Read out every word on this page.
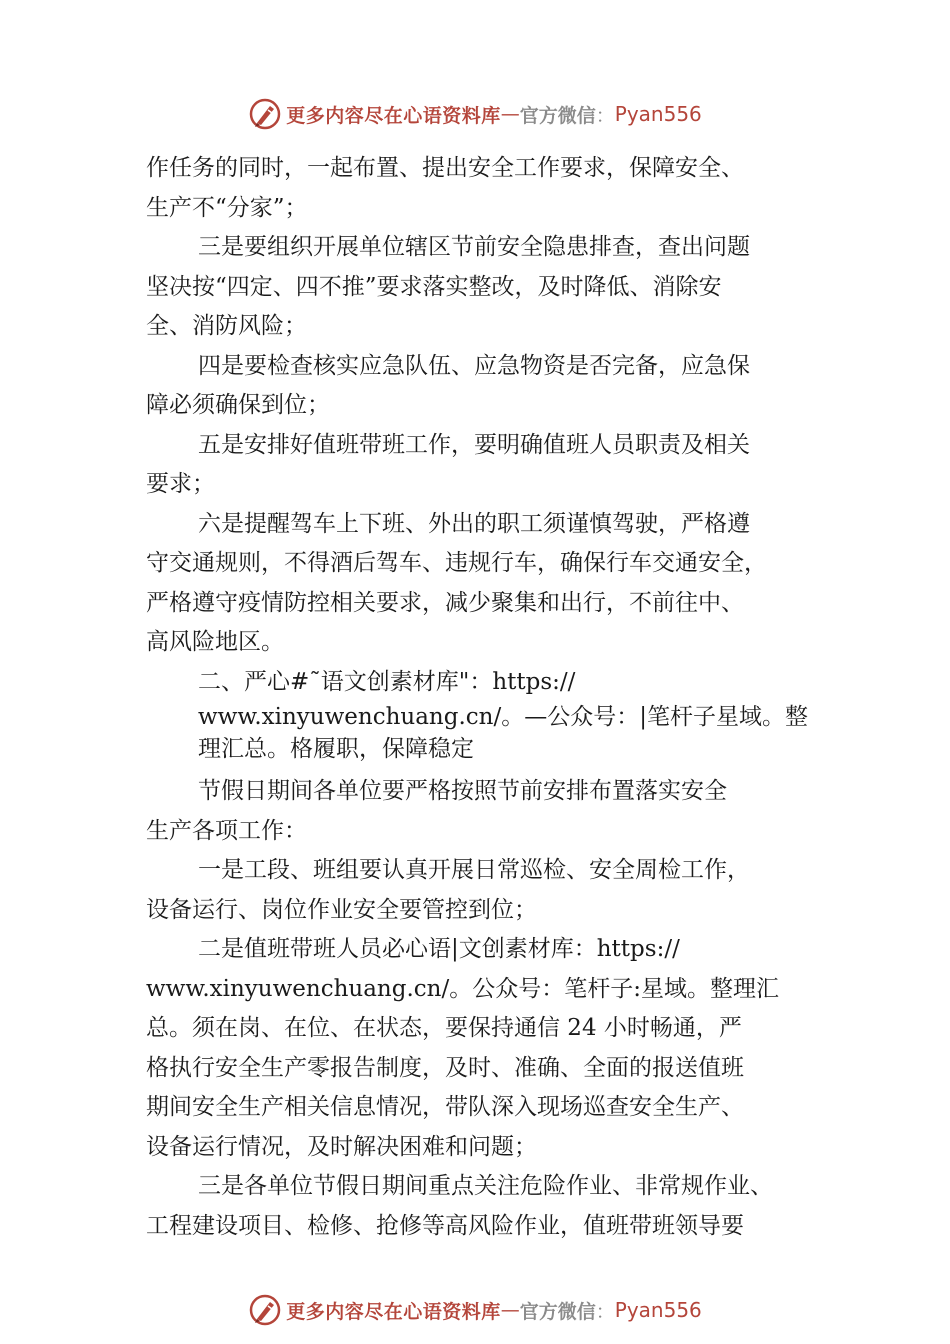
更多内容尽在心语资料库 — 官方微信 ： Pyan556
作任务的同时，一起布置、提出安全工作要求，保障安全、
生产不“分家”；
三是要组织开展单位辖区节前安全隐患排查，查出问题
坚决按“四定、四不推”要求落实整改，及时降低、消除安
全、消防风险；
四是要检查核实应急队伍、应急物资是否完备，应急保
障必须确保到位；
五是安排好值班带班工作，要明确值班人员职责及相关
要求；
六是提醒驾车上下班、外出的职工须谨慎驾驶，严格遵
守交通规则，不得酒后驾车、违规行车，确保行车交通安全，
严格遵守疫情防控相关要求，减少聚集和出行，不前往中、
高风险地区。
二、严心#˜语文创素材库"：https://
www.xinyuwenchuang.cn/。—公众号：|笔杆子星域。整
理汇总。格履职，保障稳定
节假日期间各单位要严格按照节前安排布置落实安全
生产各项工作：
一是工段、班组要认真开展日常巡检、安全周检工作，
设备运行、岗位作业安全要管控到位；
二是值班带班人员必心语|文创素材库：https://
www.xinyuwenchuang.cn/。公众号：笔杆子:星域。整理汇
总。须在岗、在位、在状态，要保持通信 24 小时畅通，严
格执行安全生产零报告制度，及时、准确、全面的报送值班
期间安全生产相关信息情况，带队深入现场巡查安全生产、
设备运行情况，及时解决困难和问题；
三是各单位节假日期间重点关注危险作业、非常规作业、
工程建设项目、检修、抢修等高风险作业，值班带班领导要
更多内容尽在心语资料库 — 官方微信 ： Pyan556
